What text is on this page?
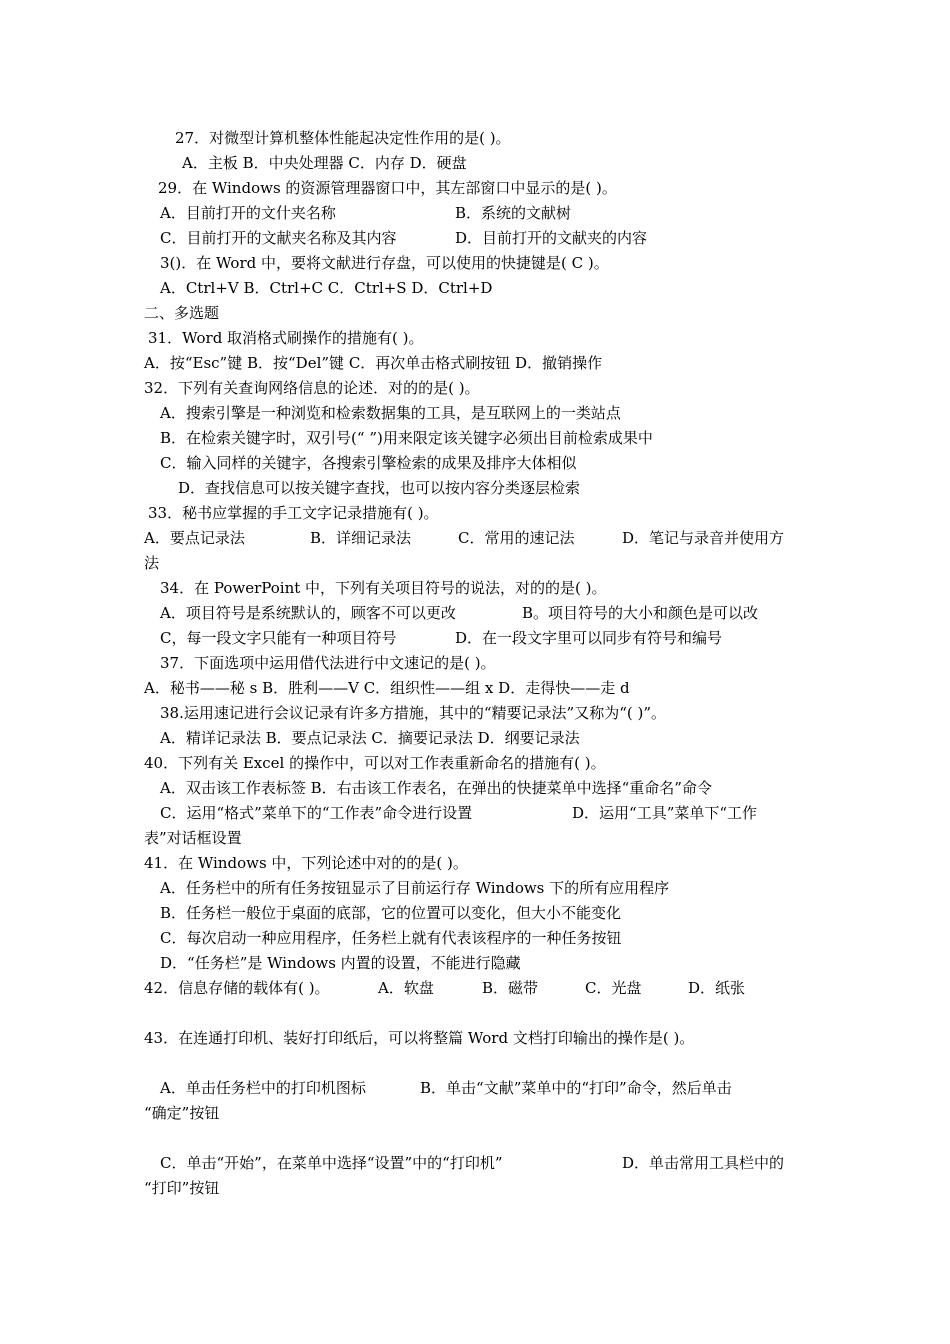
27．对微型计算机整体性能起决定性作用的是( )。
A．主板 B．中央处理器 C．内存 D．硬盘
29．在 Windows 的资源管理器窗口中，其左部窗口中显示的是( )。
A．目前打开的文什夹名称	B．系统的文献树
C．目前打开的文献夹名称及其内容	D．目前打开的文献夹的内容
3()．在 Word 中，要将文献进行存盘，可以使用的快捷键是( C )。
A．Ctrl+V B．Ctrl+C C．Ctrl+S D．Ctrl+D
二、多选题
31．Word 取消格式刷操作的措施有( )。
A．按“Esc”键 B．按“Del”键 C．再次单击格式刷按钮 D．撤销操作
32．下列有关查询网络信息的论述．对的的是( )。
A．搜索引擎是一种浏览和检索数据集的工具，是互联网上的一类站点
B．在检索关键字时，双引号(“ ”)用来限定该关键字必须出目前检索成果中
C．输入同样的关键字，各搜索引擎检索的成果及排序大体相似
D．查找信息可以按关键字查找，也可以按内容分类逐层检索
33．秘书应掌握的手工文字记录措施有( )。
A．要点记录法	B．详细记录法	C．常用的速记法	D．笔记与录音并使用方
法
34．在 PowerPoint 中，下列有关项目符号的说法，对的的是( )。
A．项目符号是系统默认的，顾客不可以更改	B。项目符号的大小和颜色是可以改
C，每一段文字只能有一种项目符号	D．在一段文字里可以同步有符号和编号
37．下面选项中运用借代法进行中文速记的是( )。
A．秘书——秘 s B．胜利——V C．组织性——组 x D．走得快——走 d
38.运用速记进行会议记录有许多方措施，其中的“精要记录法”又称为“( )”。
A．精详记录法 B．要点记录法 C．摘要记录法 D．纲要记录法
40．下列有关 Excel 的操作中，可以对工作表重新命名的措施有( )。
A．双击该工作表标签 B．右击该工作表名，在弹出的快捷菜单中选择“重命名”命令
C．运用“格式”菜单下的“工作表”命令进行设置	D．运用“工具”菜单下“工作
表”对话框设置
41．在 Windows 中，下列论述中对的的是( )。
A．任务栏中的所有任务按钮显示了目前运行存 Windows 下的所有应用程序
B．任务栏一般位于桌面的底部，它的位置可以变化，但大小不能变化
C．每次启动一种应用程序，任务栏上就有代表该程序的一种任务按钮
D．“任务栏”是 Windows 内置的设置，不能进行隐藏
42．信息存储的载体有( )。	A．软盘	B．磁带	C．光盘	D．纸张
43．在连通打印机、装好打印纸后，可以将整篇 Word 文档打印输出的操作是( )。
A．单击任务栏中的打印机图标	B．单击“文献”菜单中的“打印”命令，然后单击
“确定”按钮
C．单击“开始”，在菜单中选择“设置”中的“打印机”	D．单击常用工具栏中的
“打印”按钮
